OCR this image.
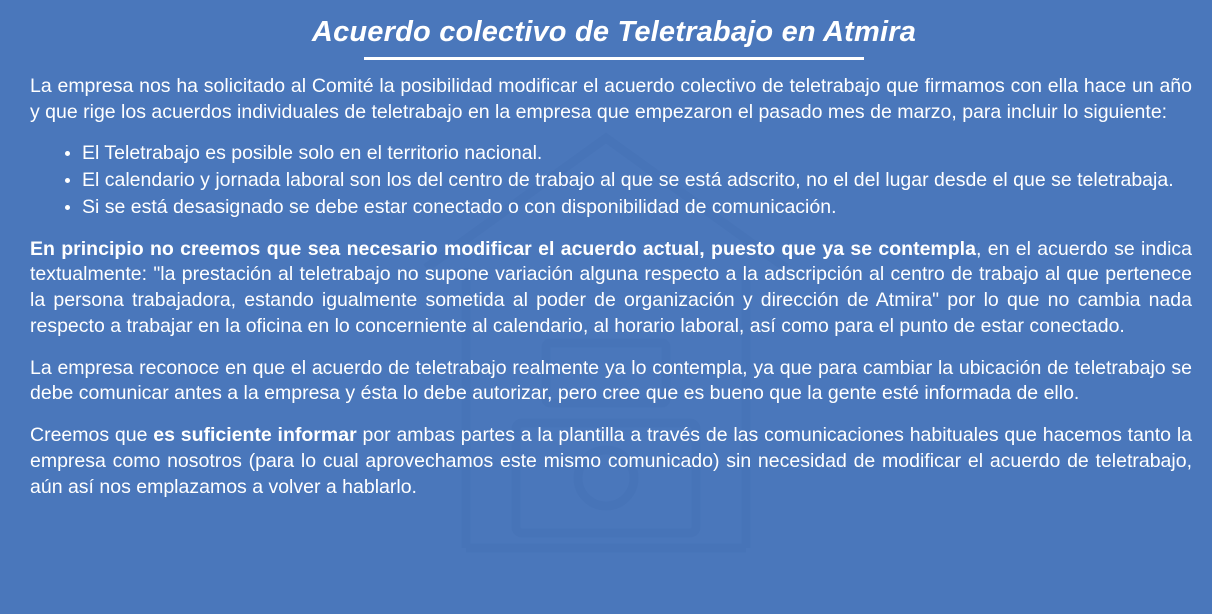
Acuerdo colectivo de Teletrabajo en Atmira

La empresa nos ha solicitado al Comité la posibilidad modificar el acuerdo colectivo de teletrabajo que firmamos con ella hace un año y que rige los acuerdos individuales de teletrabajo en la empresa que empezaron el pasado mes de marzo, para incluir lo siguiente:

• El Teletrabajo es posible solo en el territorio nacional.
• El calendario y jornada laboral son los del centro de trabajo al que se está adscrito, no el del lugar desde el que se teletrabaja.
• Si se está desasignado se debe estar conectado o con disponibilidad de comunicación.

En principio no creemos que sea necesario modificar el acuerdo actual, puesto que ya se contempla, en el acuerdo se indica textualmente: "la prestación al teletrabajo no supone variación alguna respecto a la adscripción al centro de trabajo al que pertenece la persona trabajadora, estando igualmente sometida al poder de organización y dirección de Atmira" por lo que no cambia nada respecto a trabajar en la oficina en lo concerniente al calendario, al horario laboral, así como para el punto de estar conectado.

La empresa reconoce en que el acuerdo de teletrabajo realmente ya lo contempla, ya que para cambiar la ubicación de teletrabajo se debe comunicar antes a la empresa y ésta lo debe autorizar, pero cree que es bueno que la gente esté informada de ello.

Creemos que es suficiente informar por ambas partes a la plantilla a través de las comunicaciones habituales que hacemos tanto la empresa como nosotros (para lo cual aprovechamos este mismo comunicado) sin necesidad de modificar el acuerdo de teletrabajo, aún así nos emplazamos a volver a hablarlo.
